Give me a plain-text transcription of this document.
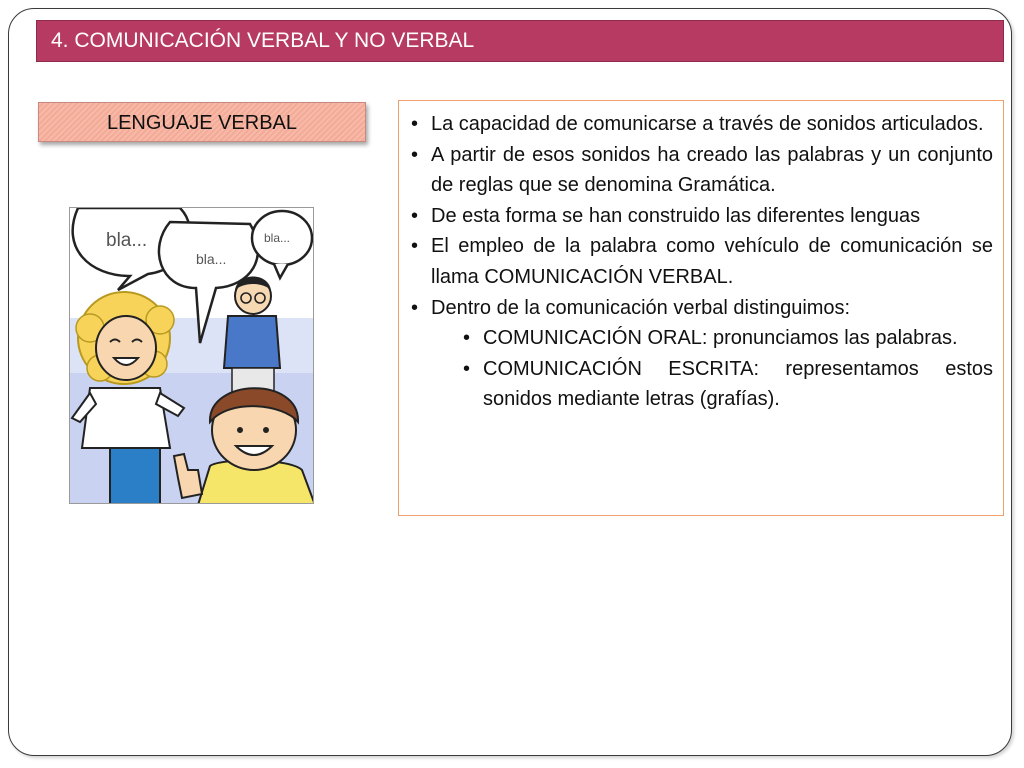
4. COMUNICACIÓN VERBAL Y NO VERBAL
LENGUAJE VERBAL
bla...
bla...
bla...
• La capacidad de comunicarse a través de sonidos articulados.
• A partir de esos sonidos ha creado las palabras y un conjunto de reglas que se denomina Gramática.
• De esta forma se han construido las diferentes lenguas
• El empleo de la palabra como vehículo de comunicación se llama COMUNICACIÓN VERBAL.
• Dentro de la comunicación verbal distinguimos:
• COMUNICACIÓN ORAL: pronunciamos las palabras.
• COMUNICACIÓN ESCRITA: representamos estos sonidos mediante letras (grafías).
